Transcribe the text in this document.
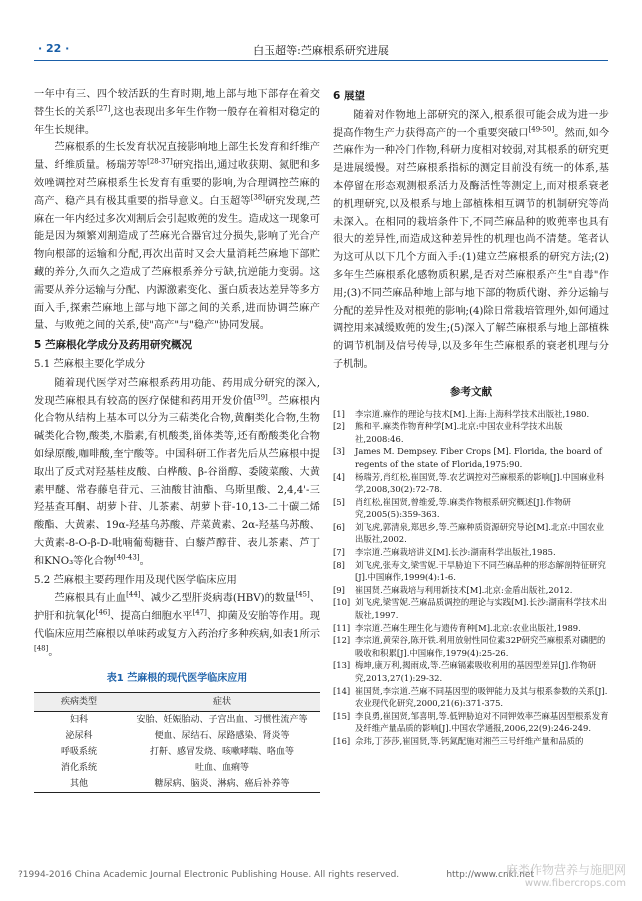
· 22 ·	白玉超等:苎麻根系研究进展

一年中有三、四个较活跃的生育时期,地上部与地下部存在着交替生长的关系[27],这也表现出多年生作物一般存在着相对稳定的年生长规律。

苎麻根系的生长发育状况直接影响地上部生长发育和纤维产量、纤维质量。杨瑞芳等[28-37]研究指出,通过收获期、氮肥和多效唑调控对苎麻根系生长发育有重要的影响,为合理调控苎麻的高产、稳产具有极其重要的指导意义。白玉超等[38]研究发现,苎麻在一年内经过多次刈割后会引起败蔸的发生。造成这一现象可能是因为频繁刈割造成了苎麻光合器官过分损失,影响了光合产物向根部的运输和分配,再次出苗时又会大量消耗苎麻地下部贮藏的养分,久而久之造成了苎麻根系养分亏缺,抗逆能力变弱。这需要从养分运输与分配、内源激素变化、蛋白质表达差异等多方面入手,探索苎麻地上部与地下部之间的关系,进而协调苎麻产量、与败蔸之间的关系,使"高产"与"稳产"协同发展。

5 苎麻根化学成分及药用研究概况
5.1 苎麻根主要化学成分

随着现代医学对苎麻根系药用功能、药用成分研究的深入,发现苎麻根具有较高的医疗保健和药用开发价值[39]。苎麻根内化合物从结构上基本可以分为三萜类化合物,黄酮类化合物,生物碱类化合物,酸类,木脂素,有机酸类,甾体类等,还有酚酸类化合物如绿原酸,咖啡酸,奎宁酸等。中国科研工作者先后从苎麻根中提取出了反式对羟基桂皮酸、白桦酸、β-谷甾醇、委陵菜酸、大黄素甲醚、常春藤皂苷元、三油酸甘油酯、乌斯里酸、2,4,4'-三羟基查耳酮、胡萝卜苷、儿茶素、胡萝卜苷-10,13-二十碳二烯酸酯、大黄素、19α-羟基乌苏酸、芹菜黄素、2α-羟基乌苏酸、大黄素-8-O-β-D-吡喃葡萄糖苷、白藜芦醇苷、表儿茶素、芦丁和KNO₃等化合物[40-43]。

5.2 苎麻根主要药理作用及现代医学临床应用

苎麻根具有止血[44]、减少乙型肝炎病毒(HBV)的数量[45]、护肝和抗氧化[46]、提高白细胞水平[47]、抑菌及安胎等作用。现代临床应用苎麻根以单味药或复方入药治疗多种疾病,如表1所示[48]。

表1 苎麻根的现代医学临床应用
疾病类型	症状
妇科	安胎、妊娠胎动、子宫出血、习惯性流产等
泌尿科	便血、尿结石、尿路感染、肾炎等
呼吸系统	打鼾、感冒发烧、咳嗽哮喘、咯血等
消化系统	吐血、血痢等
其他	糖尿病、脑炎、淋病、癌后补养等
6 展望

随着对作物地上部研究的深入,根系很可能会成为进一步提高作物生产力获得高产的一个重要突破口[49-50]。然而,如今苎麻作为一种冷门作物,科研力度相对较弱,对其根系的研究更是进展缓慢。对苎麻根系指标的测定目前没有统一的体系,基本停留在形态观测根系活力及酶活性等测定上,而对根系衰老的机理研究,以及根系与地上部植株相互调节的机制研究等尚未深入。在相同的栽培条件下,不同苎麻品种的败蔸率也具有很大的差异性,而造成这种差异性的机理也尚不清楚。笔者认为这可从以下几个方面入手:(1)建立苎麻根系的研究方法;(2)多年生苎麻根系化感物质积累,是否对苎麻根系产生"自毒"作用;(3)不同苎麻品种地上部与地下部的物质代谢、养分运输与分配的差异性及对根蔸的影响;(4)除日常栽培管理外,如何通过调控用来减缓败蔸的发生;(5)深入了解苎麻根系与地上部植株的调节机制及信号传导,以及多年生苎麻根系的衰老机理与分子机制。

参考文献
[1]	李宗道.麻作的理论与技术[M].上海:上海科学技术出版社,1980.
[2]	熊和平.麻类作物育种学[M].北京:中国农业科学技术出版社,2008:46.
[3]	James M. Dempsey. Fiber Crops [M]. Florida, the board of regents of the state of Florida,1975:90.
[4]	杨瑞芳,肖红松,崔国贤,等.农艺调控对苎麻根系的影响[J].中国麻业科学,2008,30(2):72-78.
[5]	肖红松,崔国贤,曾维爱,等.麻类作物根系研究概述[J].作物研究,2005(5):359-363.
[6]	刘飞虎,郭清泉,郑思乡,等.苎麻种质资源研究导论[M].北京:中国农业出版社,2002.
[7]	李宗道.苎麻栽培讲义[M].长沙:湖南科学出版社,1985.
[8]	刘飞虎,张寿文,梁雪妮.干旱胁迫下不同苎麻品种的形态解剖特征研究[J].中国麻作,1999(4):1-6.
[9]	崔国贤.苎麻栽培与利用新技术[M].北京:金盾出版社,2012.
[10] 刘飞虎,梁雪妮.苎麻品质调控的理论与实践[M].长沙:湖南科学技术出版社,1997.
[11] 李宗道.苎麻生理生化与遗传育种[M].北京:农业出版社,1989.
[12] 李宗道,黄荣谷,陈开铁.利用放射性同位素32P研究苎麻根系对磷肥的吸收和积累[J].中国麻作,1979(4):25-26.
[13] 梅坤,康万利,揭雨成,等.苎麻镉素吸收利用的基因型差异[J].作物研究,2013,27(1):29-32.
[14] 崔国贤,李宗道.苎麻不同基因型的吸钾能力及其与根系参数的关系[J].农业现代化研究,2000,21(6):371-375.
[15] 李良勇,崔国贤,邹喜明,等.低钾胁迫对不同钾效率苎麻基因型根系发育及纤维产量品质的影响[J].中国农学通报,2006,22(9):246-249.
[16] 佘玮,丁莎莎,崔国贤,等.钙氮配施对湘苎三号纤维产量和品质的
?1994-2016 China Academic Journal Electronic Publishing House. All rights reserved.	http://www.cnki.net
麻类作物营养与施肥网
www.fibercrops.com
